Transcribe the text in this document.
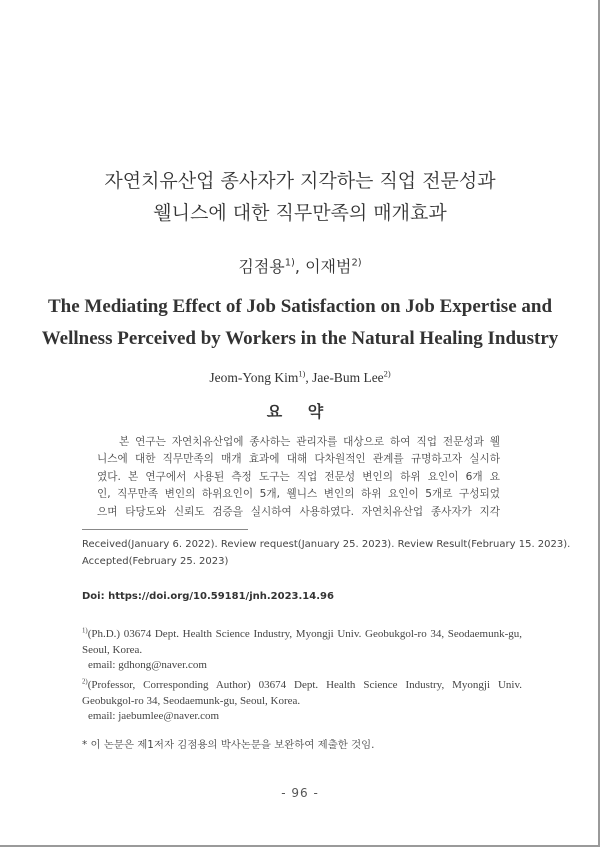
자연치유산업 종사자가 지각하는 직업 전문성과
웰니스에 대한 직무만족의 매개효과
김점용$^{1)}$, 이재범$^{2)}$
The Mediating Effect of Job Satisfaction on Job Expertise and
Wellness Perceived by Workers in the Natural Healing Industry
Jeom-Yong Kim$^{1)}$, Jae-Bum Lee$^{2)}$
요 약
본 연구는 자연치유산업에 종사하는 관리자를 대상으로 하여 직업 전문성과 웰
니스에 대한 직무만족의 매개 효과에 대해 다차원적인 관계를 규명하고자 실시하
였다. 본 연구에서 사용된 측정 도구는 직업 전문성 변인의 하위 요인이 6개 요
인, 직무만족 변인의 하위요인이 5개, 웰니스 변인의 하위 요인이 5개로 구성되었
으며 타당도와 신뢰도 검증을 실시하여 사용하였다. 자연치유산업 종사자가 지각
Received(January 6. 2022). Review request(January 25. 2023). Review Result(February 15. 2023).
Accepted(February 25. 2023)
Doi: https://doi.org/10.59181/jnh.2023.14.96
$^{1)}$(Ph.D.) 03674 Dept. Health Science Industry, Myongji Univ. Geobukgol-ro 34, Seodaemunk-gu,
Seoul, Korea.
email: gdhong@naver.com
$^{2)}$(Professor, Corresponding Author) 03674 Dept. Health Science Industry, Myongji Univ.
Geobukgol-ro 34, Seodaemunk-gu, Seoul, Korea.
email: jaebumlee@naver.com
* 이 논문은 제1저자 김점용의 박사논문을 보완하여 제출한 것임.
- 96 -
